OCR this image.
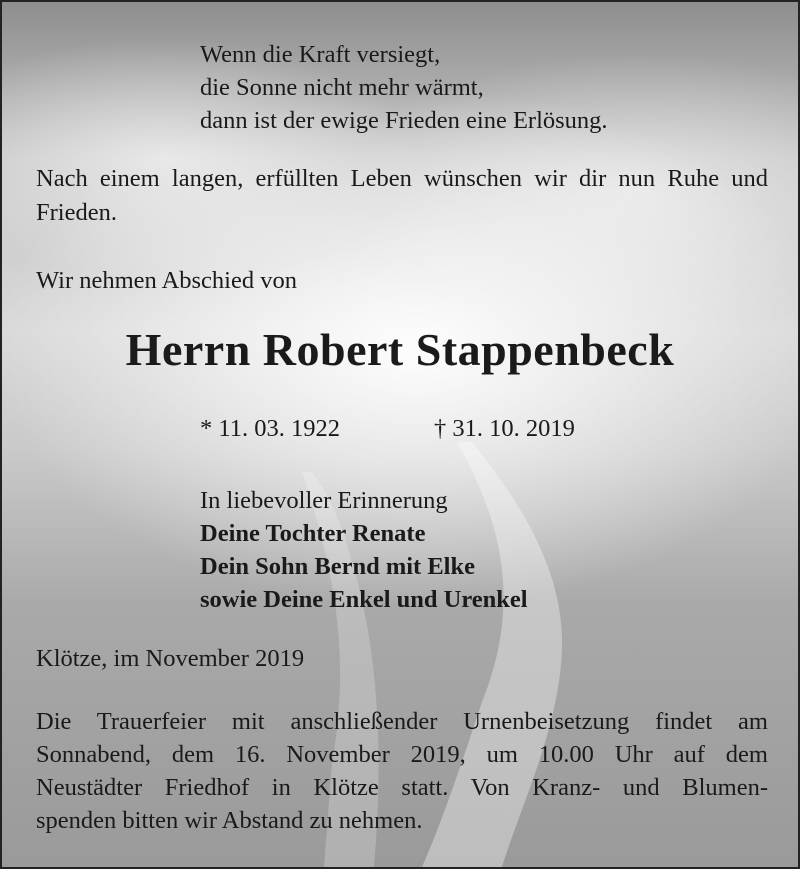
Wenn die Kraft versiegt,

die Sonne nicht mehr wärmt,

dann ist der ewige Frieden eine Erlösung.

Nach einem langen, erfüllten Leben wünschen wir dir nun Ruhe und Frieden.

Wir nehmen Abschied von

Herrn Robert Stappenbeck

* 11. 03. 1922	† 31. 10. 2019

In liebevoller Erinnerung

Deine Tochter Renate

Dein Sohn Bernd mit Elke

sowie Deine Enkel und Urenkel

Klötze, im November 2019

Die Trauerfeier mit anschließender Urnenbeisetzung findet am

Sonnabend, dem 16. November 2019, um 10.00 Uhr auf dem

Neustädter Friedhof in Klötze statt. Von Kranz- und Blumen-

spenden bitten wir Abstand zu nehmen.
